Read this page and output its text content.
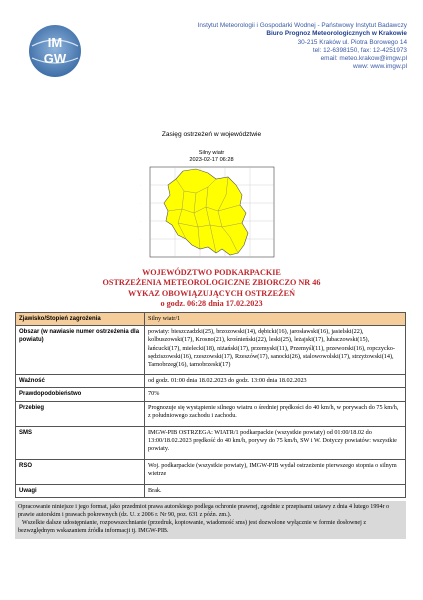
IM
GW
Instytut Meteorologii i Gospodarki Wodnej - Państwowy Instytut Badawczy
Biuro Prognoz Meteorologicznych w Krakowie
30-215 Kraków ul. Piotra Borowego 14
tel: 12-6398150, fax: 12-4251973
email: meteo.krakow@imgw.pl
www: www.imgw.pl
Zasięg ostrzeżeń w województwie
Silny wiatr
2023-02-17 06:28
·
·
·
·
WOJEWÓDZTWO PODKARPACKIE
OSTRZEŻENIA METEOROLOGICZNE ZBIORCZO NR 46
WYKAZ OBOWIĄZUJĄCYCH OSTRZEŻEŃ
o godz. 06:28 dnia 17.02.2023
Zjawisko/Stopień zagrożenia	Silny wiatr/1
Obszar (w nawiasie numer ostrzeżenia dla powiatu)	powiaty: bieszczadzki(25), brzozowski(14), dębicki(16), jarosławski(16), jasielski(22), kolbuszowski(17), Krosno(21), krośnieński(22), leski(25), leżajski(17), lubaczowski(15), łańcucki(17), mielecki(18), niżański(17), przemyski(11), Przemyśl(11), przeworski(16), ropczycko-sędziszowski(16), rzeszowski(17), Rzeszów(17), sanocki(26), stalowowolski(17), strzyżowski(14), Tarnobrzeg(16), tarnobrzeski(17)
Ważność	od godz. 01:00 dnia 18.02.2023 do godz. 13:00 dnia 18.02.2023
Prawdopodobieństwo	70%
Przebieg	Prognozuje się wystąpienie silnego wiatru o średniej prędkości do 40 km/h, w porywach do 75 km/h, z południowego zachodu i zachodu.
SMS	IMGW-PIB OSTRZEGA: WIATR/1 podkarpackie (wszystkie powiaty) od 01:00/18.02 do 13:00/18.02.2023 prędkość do 40 km/h, porywy do 75 km/h, SW i W. Dotyczy powiatów: wszystkie powiaty.
RSO	Woj. podkarpackie (wszystkie powiaty), IMGW-PIB wydał ostrzeżenie pierwszego stopnia o silnym wietrze
Uwagi	Brak.

Opracowanie niniejsze i jego format, jako przedmiot prawa autorskiego podlega ochronie prawnej, zgodnie z przepisami ustawy z dnia 4 lutego 1994r o prawie autorskim i prawach pokrewnych (dz. U. z 2006 r. Nr 90, poz. 631 z późn. zm.).

Wszelkie dalsze udostępnianie, rozpowszechnianie (przedruk, kopiowanie, wiadomość sms) jest dozwolone wyłącznie w formie dosłownej z bezwzględnym wskazaniem źródła informacji tj. IMGW-PIB.
